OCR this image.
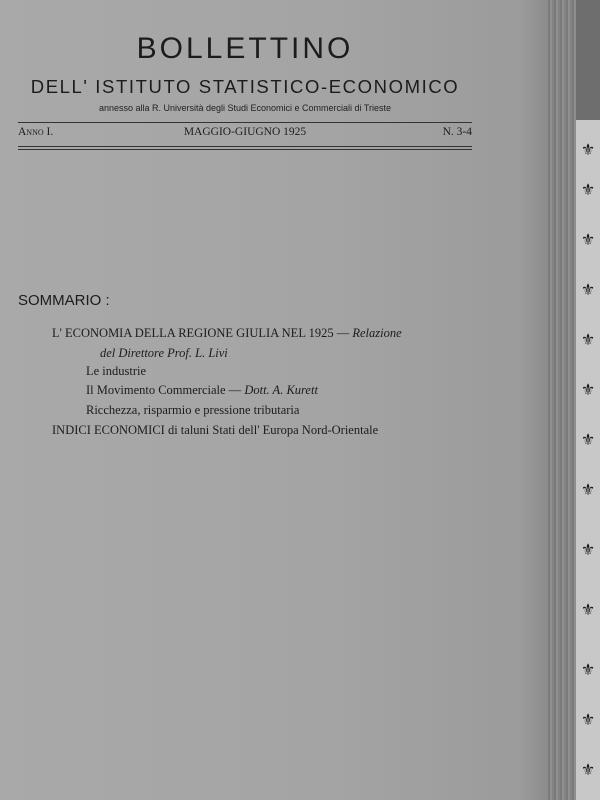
⚜
⚜
⚜
⚜
⚜
⚜
⚜
⚜
⚜
⚜
⚜
⚜
⚜
BOLLETTINO
DELL' ISTITUTO STATISTICO-ECONOMICO
annesso alla R. Università degli Studi Economici e Commerciali di Trieste
Anno I.	MAGGIO-GIUGNO 1925	N. 3-4
SOMMARIO :
L' ECONOMIA DELLA REGIONE GIULIA NEL 1925 — Relazione
del Direttore Prof. L. Livi
Le industrie
Il Movimento Commerciale — Dott. A. Kurett
Ricchezza, risparmio e pressione tributaria
INDICI ECONOMICI di taluni Stati dell' Europa Nord-Orientale
